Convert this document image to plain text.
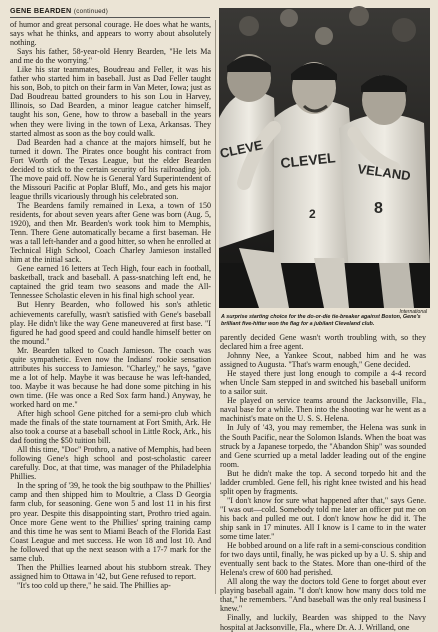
GENE BEARDEN (continued)

of humor and great personal courage. He does what he wants, says what he thinks, and appears to worry about absolutely nothing.

Says his father, 58-year-old Henry Bearden, "He lets Ma and me do the worrying."

Like his star teammates, Boudreau and Feller, it was his father who started him in baseball. Just as Dad Feller taught his son, Bob, to pitch on their farm in Van Meter, Iowa; just as Dad Boudreau batted grounders to his son Lou in Harvey, Illinois, so Dad Bearden, a minor league catcher himself, taught his son, Gene, how to throw a baseball in the years when they were living in the town of Lexa, Arkansas. They started almost as soon as the boy could walk.

Dad Bearden had a chance at the majors himself, but he turned it down. The Pirates once bought his contract from Fort Worth of the Texas League, but the elder Bearden decided to stick to the certain security of his railroading job. The move paid off. Now he is General Yard Superintendent of the Missouri Pacific at Poplar Bluff, Mo., and gets his major league thrills vicariously through his celebrated son.

The Beardens family remained in Lexa, a town of 150 residents, for about seven years after Gene was born (Aug. 5, 1920), and then Mr. Bearden's work took him to Memphis, Tenn. There Gene automatically became a first baseman. He was a tall left-hander and a good hitter, so when he enrolled at Technical High School, Coach Charley Jamieson installed him at the initial sack.

Gene earned 16 letters at Tech High, four each in football, basketball, track and baseball. A pass-snatching left end, he captained the grid team two seasons and made the All-Tennessee Scholastic eleven in his final high school year.

But Henry Bearden, who followed his son's athletic achievements carefully, wasn't satisfied with Gene's baseball play. He didn't like the way Gene maneuvered at first base. "I figured he had good speed and could handle himself better on the mound."

Mr. Bearden talked to Coach Jamieson. The coach was quite sympathetic. Even now the Indians' rookie sensation attributes his success to Jamieson. "Charley," he says, "gave me a lot of help. Maybe it was because he was left-handed, too. Maybe it was because he had done some pitching in his own time. (He was once a Red Sox farm hand.) Anyway, he worked hard on me."

After high school Gene pitched for a semi-pro club which made the finals of the state tournament at Fort Smith, Ark. He also took a course at a baseball school in Little Rock, Ark., his dad footing the $50 tuition bill.

All this time, "Doc" Prothro, a native of Memphis, had been following Gene's high school and post-scholastic career carefully. Doc, at that time, was manager of the Philadelphia Phillies.

In the spring of '39, he took the big southpaw to the Phillies' camp and then shipped him to Moultrie, a Class D Georgia farm club, for seasoning. Gene won 5 and lost 11 in his first pro year. Despite this disappointing start, Prothro tried again. Once more Gene went to the Phillies' spring training camp and this time he was sent to Miami Beach of the Florida East Coast League and met success. He won 18 and lost 10. And he followed that up the next season with a 17-7 mark for the same club.

Then the Phillies learned about his stubborn streak. They assigned him to Ottawa in '42, but Gene refused to report.

"It's too cold up there," he said. The Phillies ap-

CLEVE CLEVEL
VELAND
8
2
International
A surprise starting choice for the do-or-die tie-breaker against Boston, Gene's brilliant five-hitter won the flag for a jubilant Cleveland club.

parently decided Gene wasn't worth troubling with, so they declared him a free agent.

Johnny Nee, a Yankee Scout, nabbed him and he was assigned to Augusta. "That's warm enough," Gene decided.

He stayed there just long enough to compile a 4-4 record when Uncle Sam stepped in and switched his baseball uniform to a sailor suit.

He played on service teams around the Jacksonville, Fla., naval base for a while. Then into the shooting war he went as a machinist's mate on the U. S. S. Helena.

In July of '43, you may remember, the Helena was sunk in the South Pacific, near the Solomon Islands. When the boat was struck by a Japanese torpedo, the "Abandon Ship" was sounded and Gene scurried up a metal ladder leading out of the engine room.

But he didn't make the top. A second torpedo hit and the ladder crumbled. Gene fell, his right knee twisted and his head split open by fragments.

"I don't know for sure what happened after that," says Gene. "I was out—cold. Somebody told me later an officer put me on his back and pulled me out. I don't know how he did it. The ship sank in 17 minutes. All I know is I came to in the water some time later."

He bobbed around on a life raft in a semi-conscious condition for two days until, finally, he was picked up by a U. S. ship and eventually sent back to the States. More than one-third of the Helena's crew of 600 had perished.

All along the way the doctors told Gene to forget about ever playing baseball again. "I don't know how many docs told me that," he remembers. "And baseball was the only real business I knew."

Finally, and luckily, Bearden was shipped to the Navy hospital at Jacksonville, Fla., where Dr. A. J. Wrilland, one
